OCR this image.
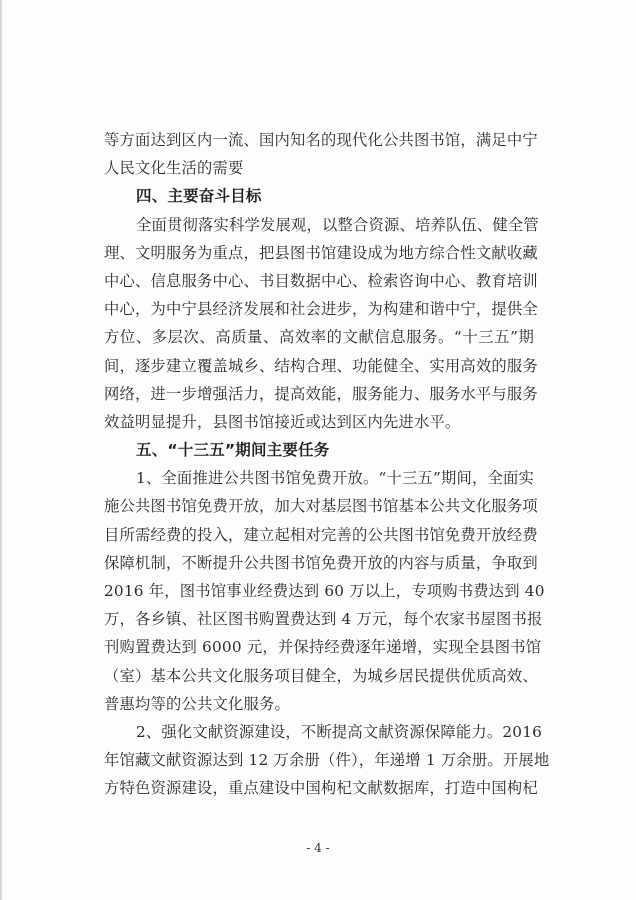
等方面达到区内一流、国内知名的现代化公共图书馆，满足中宁
人民文化生活的需要
四、主要奋斗目标
全面贯彻落实科学发展观，以整合资源、培养队伍、健全管
理、文明服务为重点，把县图书馆建设成为地方综合性文献收藏
中心、信息服务中心、书目数据中心、检索咨询中心、教育培训
中心，为中宁县经济发展和社会进步，为构建和谐中宁，提供全
方位、多层次、高质量、高效率的文献信息服务。“十三五”期
间，逐步建立覆盖城乡、结构合理、功能健全、实用高效的服务
网络，进一步增强活力，提高效能，服务能力、服务水平与服务
效益明显提升，县图书馆接近或达到区内先进水平。
五、“十三五”期间主要任务
1、全面推进公共图书馆免费开放。“十三五”期间，全面实
施公共图书馆免费开放，加大对基层图书馆基本公共文化服务项
目所需经费的投入，建立起相对完善的公共图书馆免费开放经费
保障机制，不断提升公共图书馆免费开放的内容与质量，争取到
2016 年，图书馆事业经费达到 60 万以上，专项购书费达到 40
万，各乡镇、社区图书购置费达到 4 万元，每个农家书屋图书报
刊购置费达到 6000 元，并保持经费逐年递增，实现全县图书馆
（室）基本公共文化服务项目健全，为城乡居民提供优质高效、
普惠均等的公共文化服务。
2、强化文献资源建设，不断提高文献资源保障能力。2016
年馆藏文献资源达到 12 万余册（件），年递增 1 万余册。开展地
方特色资源建设，重点建设中国枸杞文献数据库，打造中国枸杞
- 4 -
